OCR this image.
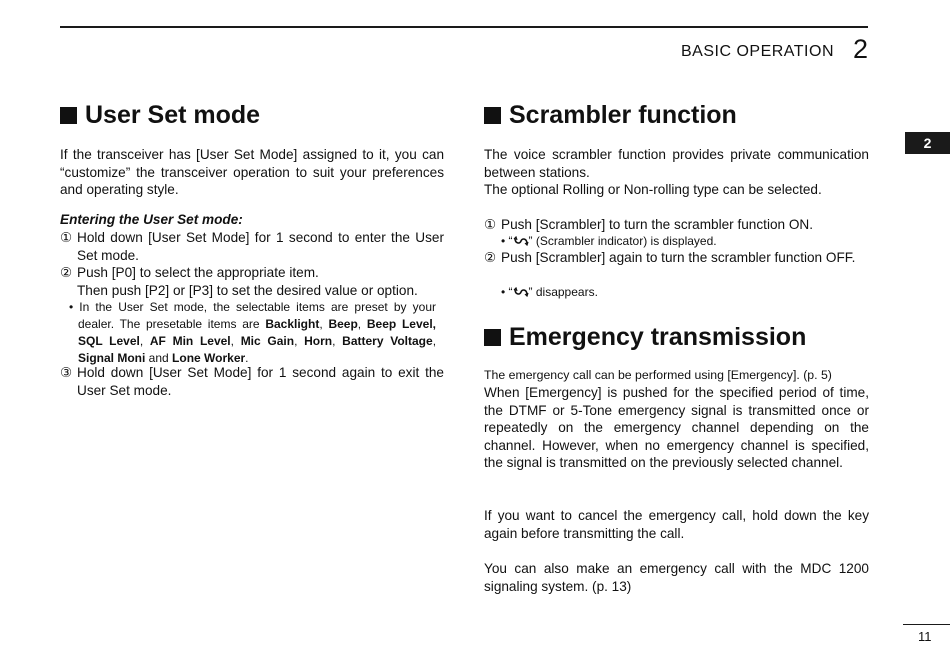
BASIC OPERATION 2
2
User Set mode

If the transceiver has [User Set Mode] assigned to it, you can “customize” the transceiver operation to suit your preferences and operating style.

Entering the User Set mode:

① Hold down [User Set Mode] for 1 second to enter the User Set mode.
② Push [P0] to select the appropriate item.

Then push [P2] or [P3] to set the desired value or option.

• In the User Set mode, the selectable items are preset by your dealer. The presetable items are Backlight, Beep, Beep Level, SQL Level, AF Min Level, Mic Gain, Horn, Battery Voltage, Signal Moni and Lone Worker.

③ Hold down [User Set Mode] for 1 second again to exit the User Set mode.
Scrambler function

The voice scrambler function provides private communication between stations.

The optional Rolling or Non-rolling type can be selected.

① Push [Scrambler] to turn the scrambler function ON.

• “ ” (Scrambler indicator) is displayed.

② Push [Scrambler] again to turn the scrambler function OFF.

• “ ” disappears.

Emergency transmission

The emergency call can be performed using [Emergency]. (p. 5)

When [Emergency] is pushed for the specified period of time, the DTMF or 5-Tone emergency signal is transmitted once or repeatedly on the emergency channel depending on the channel. However, when no emergency channel is specified, the signal is transmitted on the previously selected channel.

If you want to cancel the emergency call, hold down the key again before transmitting the call.

You can also make an emergency call with the MDC 1200 signaling system. (p. 13)

11
